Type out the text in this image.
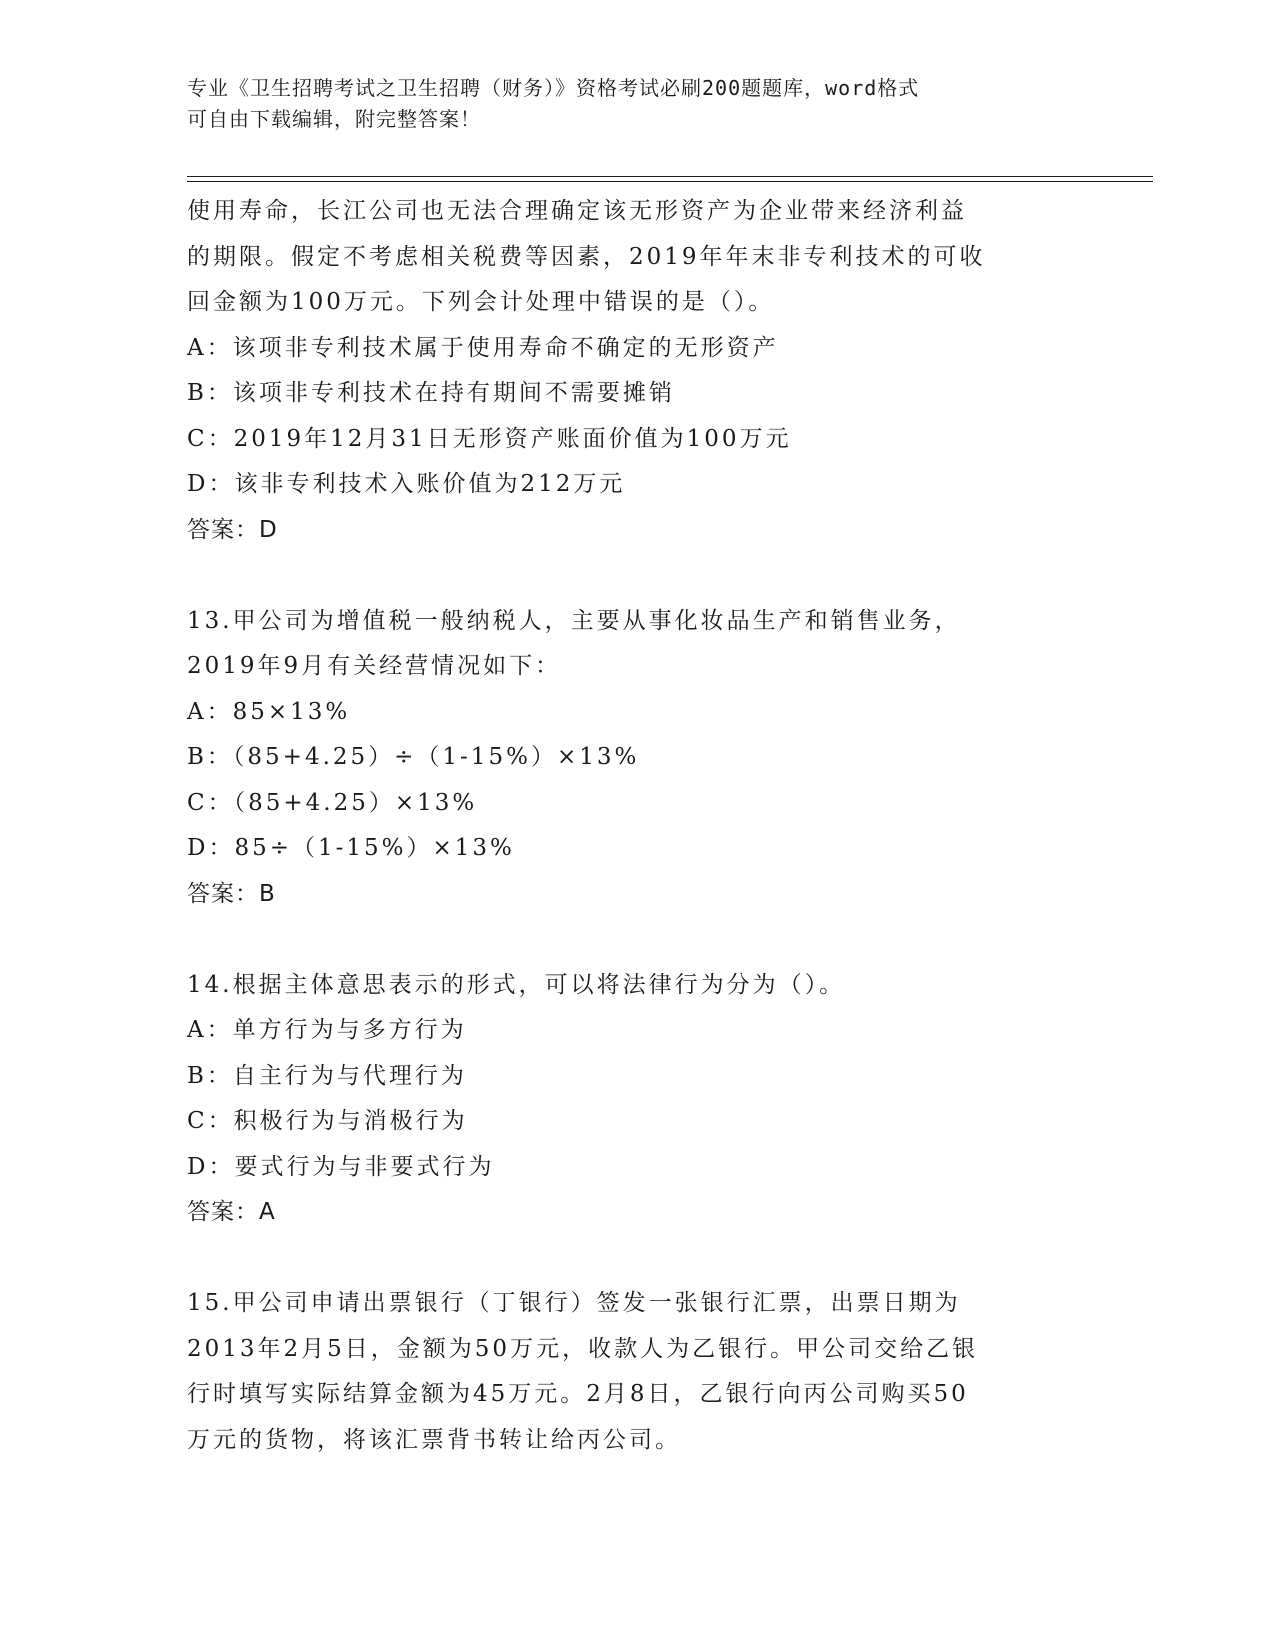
专业《卫生招聘考试之卫生招聘（财务）》资格考试必刷200题题库，word格式
可自由下载编辑，附完整答案！
使用寿命，长江公司也无法合理确定该无形资产为企业带来经济利益
的期限。假定不考虑相关税费等因素，2019年年末非专利技术的可收
回金额为100万元。下列会计处理中错误的是（）。
A：该项非专利技术属于使用寿命不确定的无形资产
B：该项非专利技术在持有期间不需要摊销
C：2019年12月31日无形资产账面价值为100万元
D：该非专利技术入账价值为212万元
答案：D
13.甲公司为增值税一般纳税人，主要从事化妆品生产和销售业务，
2019年9月有关经营情况如下：
A：85×13%
B：（85+4.25）÷（1-15%）×13%
C：（85+4.25）×13%
D：85÷（1-15%）×13%
答案：B
14.根据主体意思表示的形式，可以将法律行为分为（）。
A：单方行为与多方行为
B：自主行为与代理行为
C：积极行为与消极行为
D：要式行为与非要式行为
答案：A
15.甲公司申请出票银行（丁银行）签发一张银行汇票，出票日期为
2013年2月5日，金额为50万元，收款人为乙银行。甲公司交给乙银
行时填写实际结算金额为45万元。2月8日，乙银行向丙公司购买50
万元的货物，将该汇票背书转让给丙公司。
